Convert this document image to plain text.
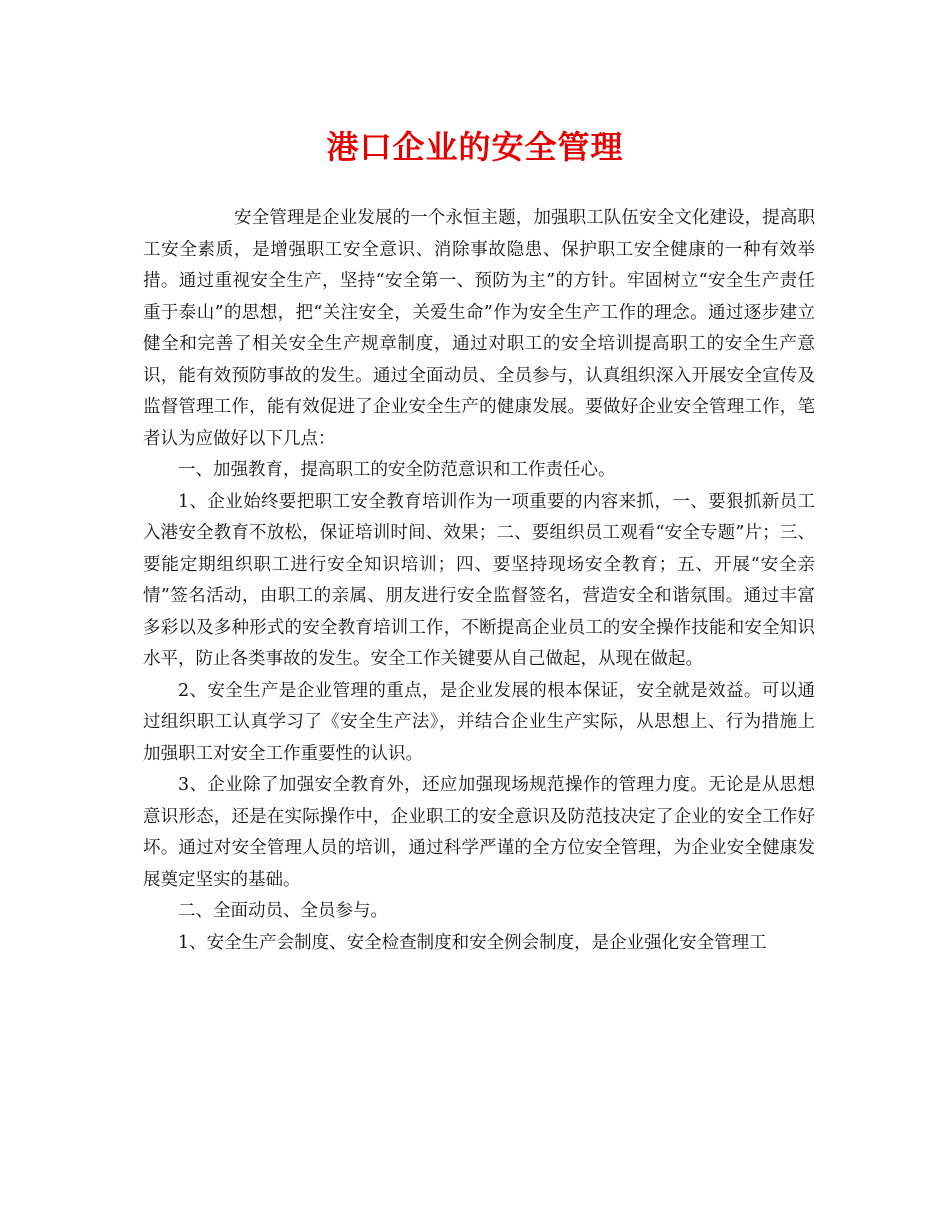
港口企业的安全管理

安全管理是企业发展的一个永恒主题，加强职工队伍安全文化建设，提高职工安全素质，是增强职工安全意识、消除事故隐患、保护职工安全健康的一种有效举措。通过重视安全生产，坚持“安全第一、预防为主”的方针。牢固树立“安全生产责任重于泰山”的思想，把“关注安全，关爱生命”作为安全生产工作的理念。通过逐步建立健全和完善了相关安全生产规章制度，通过对职工的安全培训提高职工的安全生产意识，能有效预防事故的发生。通过全面动员、全员参与，认真组织深入开展安全宣传及监督管理工作，能有效促进了企业安全生产的健康发展。要做好企业安全管理工作，笔者认为应做好以下几点：

一、加强教育，提高职工的安全防范意识和工作责任心。

1、企业始终要把职工安全教育培训作为一项重要的内容来抓，一、要狠抓新员工入港安全教育不放松，保证培训时间、效果；二、要组织员工观看“安全专题”片；三、要能定期组织职工进行安全知识培训；四、要坚持现场安全教育；五、开展“安全亲情”签名活动，由职工的亲属、朋友进行安全监督签名，营造安全和谐氛围。通过丰富多彩以及多种形式的安全教育培训工作，不断提高企业员工的安全操作技能和安全知识水平，防止各类事故的发生。安全工作关键要从自己做起，从现在做起。

2、安全生产是企业管理的重点，是企业发展的根本保证，安全就是效益。可以通过组织职工认真学习了《安全生产法》，并结合企业生产实际，从思想上、行为措施上加强职工对安全工作重要性的认识。

3、企业除了加强安全教育外，还应加强现场规范操作的管理力度。无论是从思想意识形态，还是在实际操作中，企业职工的安全意识及防范技决定了企业的安全工作好坏。通过对安全管理人员的培训，通过科学严谨的全方位安全管理，为企业安全健康发展奠定坚实的基础。

二、全面动员、全员参与。

1、安全生产会制度、安全检查制度和安全例会制度，是企业强化安全管理工
